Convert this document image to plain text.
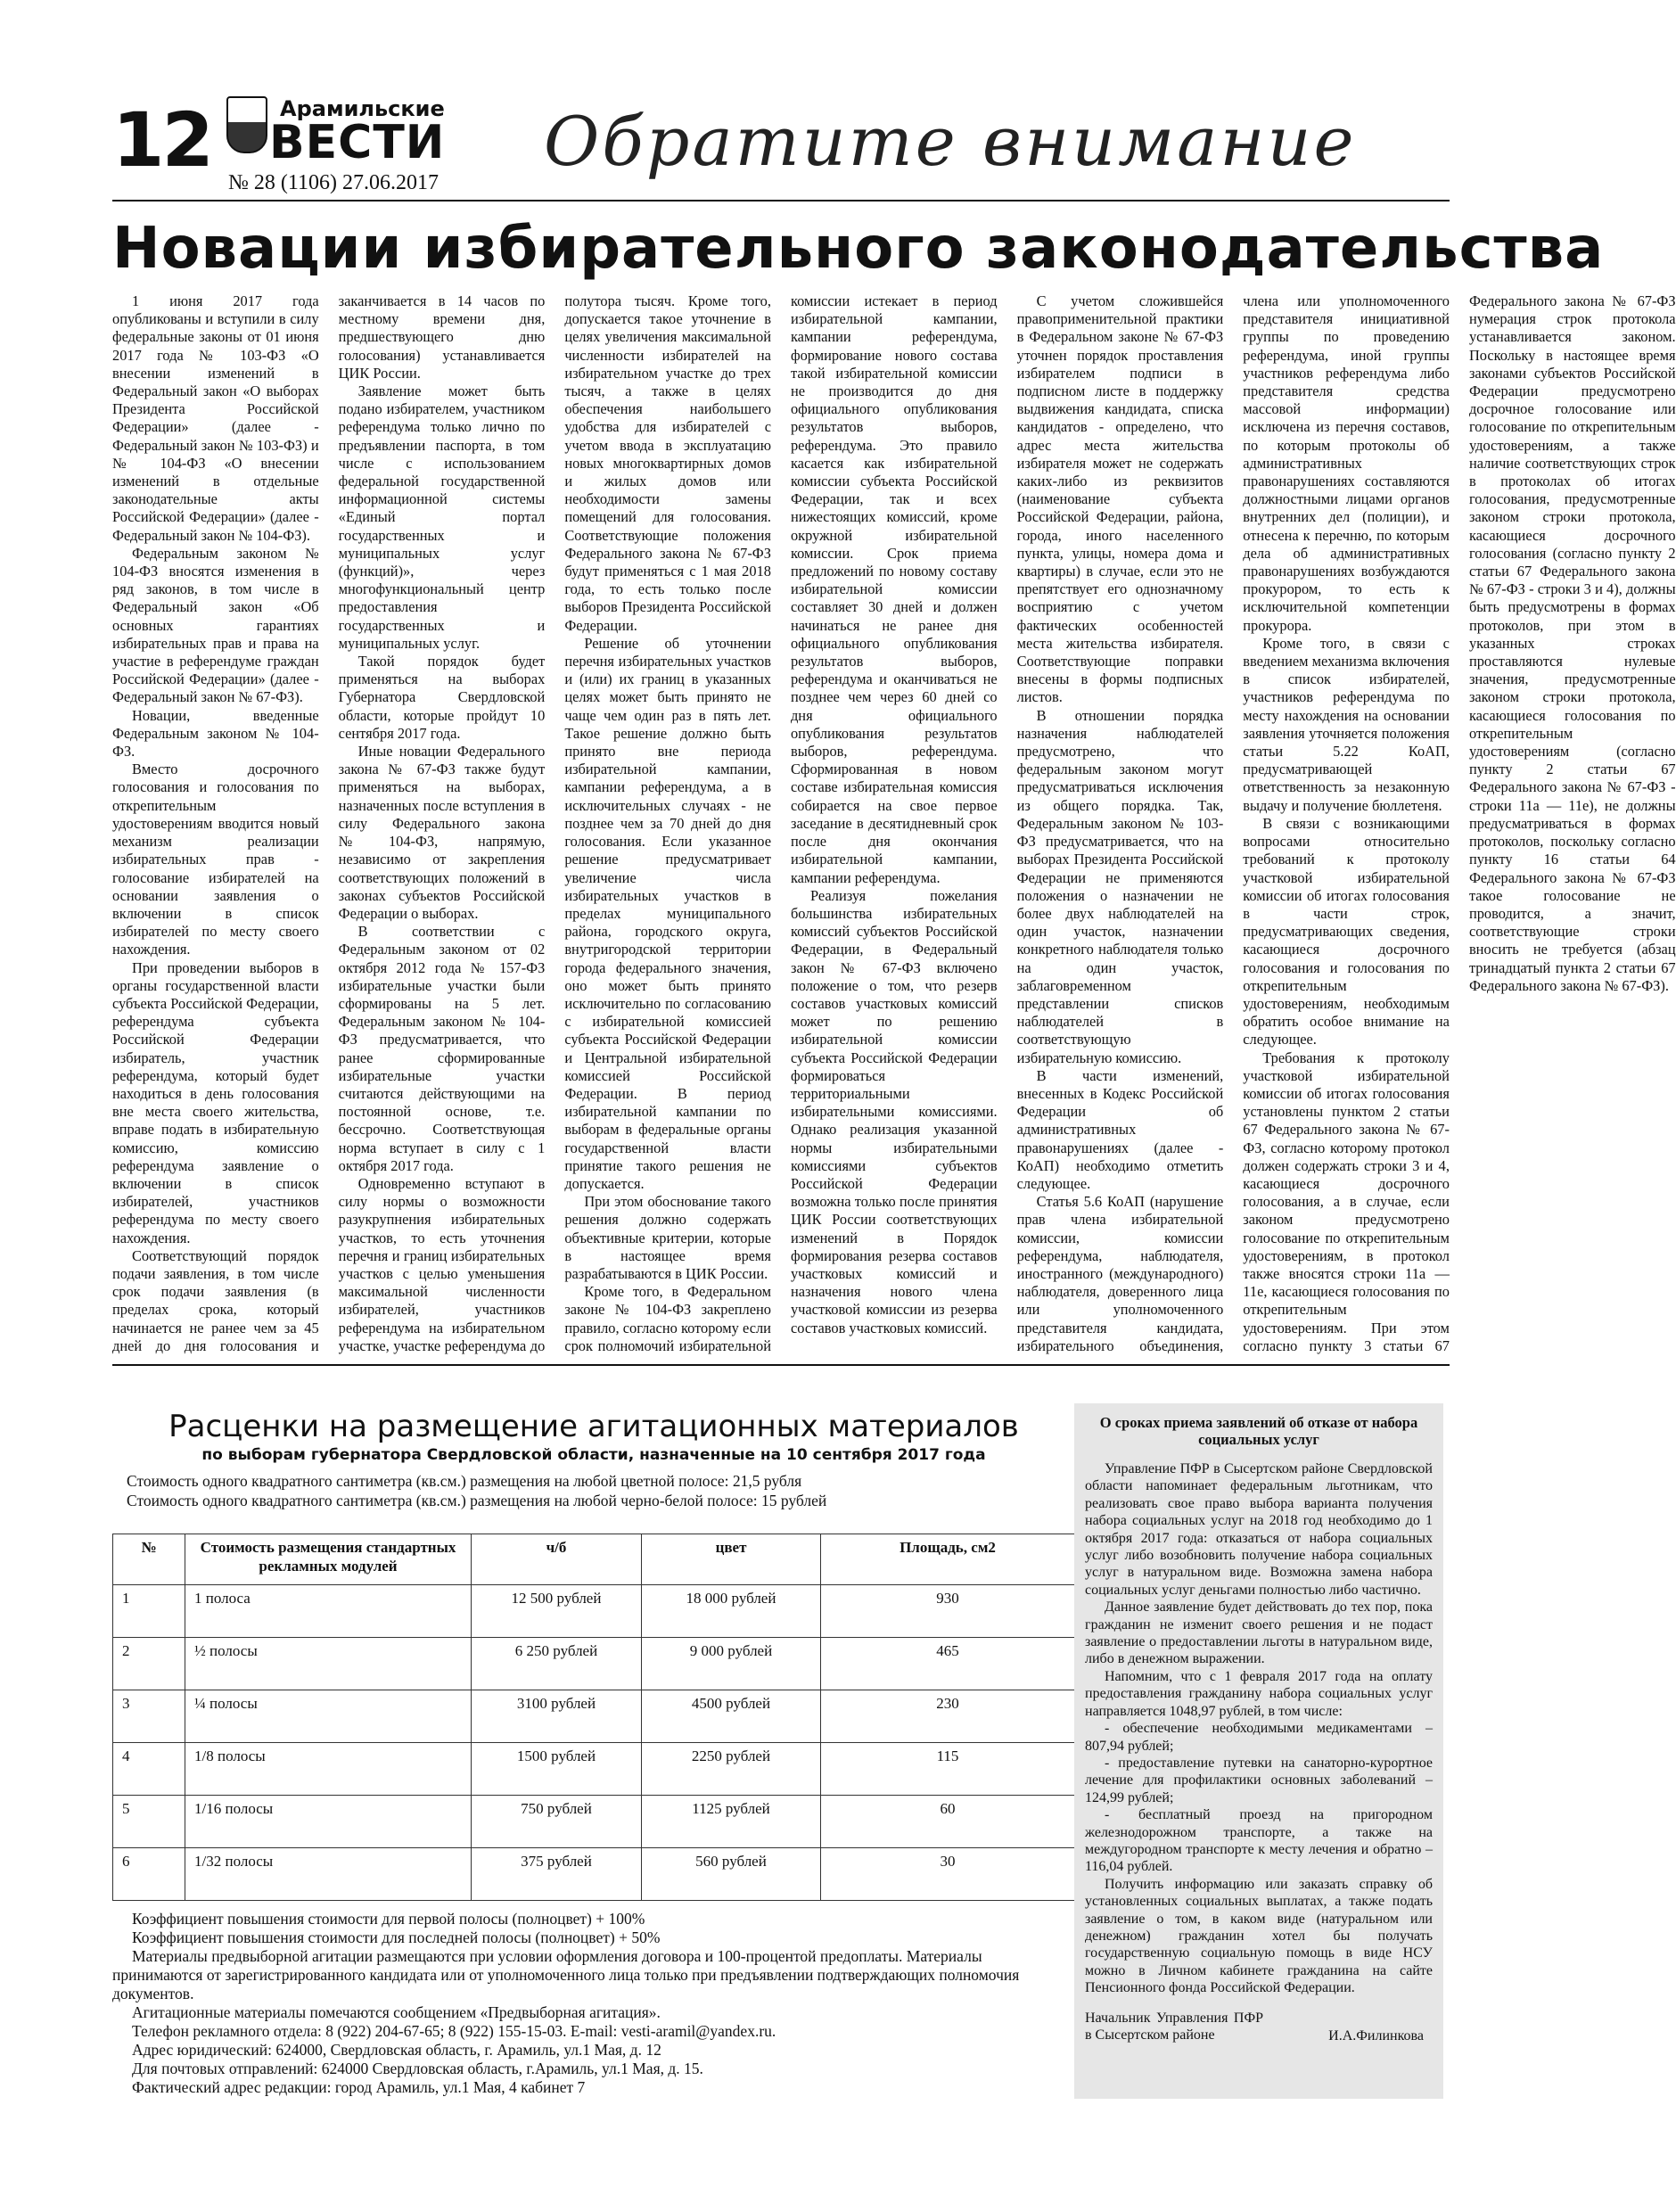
12	Арамильские
ВЕСТИ
№ 28 (1106) 27.06.2017
Обратите внимание
Новации избирательного законодательства

1 июня 2017 года опубликованы и вступили в силу федеральные законы от 01 июня 2017 года № 103-ФЗ «О внесении изменений в Федеральный закон «О выборах Президента Российской Федерации» (далее - Федеральный закон № 103-ФЗ) и № 104-ФЗ «О внесении изменений в отдельные законодательные акты Российской Федерации» (далее - Федеральный закон № 104-ФЗ).

Федеральным законом № 104-ФЗ вносятся изменения в ряд законов, в том числе в Федеральный закон «Об основных гарантиях избирательных прав и права на участие в референдуме граждан Российской Федерации» (далее - Федеральный закон № 67-ФЗ).

Новации, введенные Федеральным законом № 104-ФЗ.

Вместо досрочного голосования и голосования по открепительным удостоверениям вводится новый механизм реализации избирательных прав - голосование избирателей на основании заявления о включении в список избирателей по месту своего нахождения.

При проведении выборов в органы государственной власти субъекта Российской Федерации, референдума субъекта Российской Федерации избиратель, участник референдума, который будет находиться в день голосования вне места своего жительства, вправе подать в избирательную комиссию, комиссию референдума заявление о включении в список избирателей, участников референдума по месту своего нахождения.

Соответствующий порядок подачи заявления, в том числе срок подачи заявления (в пределах срока, который начинается не ранее чем за 45 дней до дня голосования и заканчивается в 14 часов по местному времени дня, предшествующего дню голосования) устанавливается ЦИК России.

Заявление может быть подано избирателем, участником референдума только лично по предъявлении паспорта, в том числе с использованием федеральной государственной информационной системы «Единый портал государственных и муниципальных услуг (функций)», через многофункциональный центр предоставления государственных и муниципальных услуг.

Такой порядок будет применяться на выборах Губернатора Свердловской области, которые пройдут 10 сентября 2017 года.

Иные новации Федерального закона № 67-ФЗ также будут применяться на выборах, назначенных после вступления в силу Федерального закона №104-ФЗ, напрямую, независимо от закрепления соответствующих положений в законах субъектов Российской Федерации о выборах.

В соответствии с Федеральным законом от 02 октября 2012 года № 157-ФЗ избирательные участки были сформированы на 5 лет. Федеральным законом № 104-ФЗ предусматривается, что ранее сформированные избирательные участки считаются действующими на постоянной основе, т.е. бессрочно. Соответствующая норма вступает в силу с 1 октября 2017 года.

Одновременно вступают в силу нормы о возможности разукрупнения избирательных участков, то есть уточнения перечня и границ избирательных участков с целью уменьшения максимальной численности избирателей, участников референдума на избирательном участке, участке референдума до полутора тысяч. Кроме того, допускается такое уточнение в целях увеличения максимальной численности избирателей на избирательном участке до трех тысяч, а также в целях обеспечения наибольшего удобства для избирателей с учетом ввода в эксплуатацию новых многоквартирных домов и жилых домов или необходимости замены помещений для голосования. Соответствующие положения Федерального закона № 67-ФЗ будут применяться с 1 мая 2018 года, то есть только после выборов Президента Российской Федерации.

Решение об уточнении перечня избирательных участков и (или) их границ в указанных целях может быть принято не чаще чем один раз в пять лет. Такое решение должно быть принято вне периода избирательной кампании, кампании референдума, а в исключительных случаях - не позднее чем за 70 дней до дня голосования. Если указанное решение предусматривает увеличение числа избирательных участков в пределах муниципального района, городского округа, внутригородской территории города федерального значения, оно может быть принято исключительно по согласованию с избирательной комиссией субъекта Российской Федерации и Центральной избирательной комиссией Российской Федерации. В период избирательной кампании по выборам в федеральные органы государственной власти принятие такого решения не допускается.

При этом обоснование такого решения должно содержать объективные критерии, которые в настоящее время разрабатываются в ЦИК России.

Кроме того, в Федеральном законе № 104-ФЗ закреплено правило, согласно которому если срок полномочий избирательной комиссии истекает в период избирательной кампании, кампании референдума, формирование нового состава такой избирательной комиссии не производится до дня официального опубликования результатов выборов, референдума. Это правило касается как избирательной комиссии субъекта Российской Федерации, так и всех нижестоящих комиссий, кроме окружной избирательной комиссии. Срок приема предложений по новому составу избирательной комиссии составляет 30 дней и должен начинаться не ранее дня официального опубликования результатов выборов, референдума и оканчиваться не позднее чем через 60 дней со дня официального опубликования результатов выборов, референдума. Сформированная в новом составе избирательная комиссия собирается на свое первое заседание в десятидневный срок после дня окончания избирательной кампании, кампании референдума.

Реализуя пожелания большинства избирательных комиссий субъектов Российской Федерации, в Федеральный закон № 67-ФЗ включено положение о том, что резерв составов участковых комиссий может по решению избирательной комиссии субъекта Российской Федерации формироваться территориальными избирательными комиссиями. Однако реализация указанной нормы избирательными комиссиями субъектов Российской Федерации возможна только после принятия ЦИК России соответствующих изменений в Порядок формирования резерва составов участковых комиссий и назначения нового члена участковой комиссии из резерва составов участковых комиссий.

С учетом сложившейся правоприменительной практики в Федеральном законе № 67-ФЗ уточнен порядок проставления избирателем подписи в подписном листе в поддержку выдвижения кандидата, списка кандидатов - определено, что адрес места жительства избирателя может не содержать каких-либо из реквизитов (наименование субъекта Российской Федерации, района, города, иного населенного пункта, улицы, номера дома и квартиры) в случае, если это не препятствует его однозначному восприятию с учетом фактических особенностей места жительства избирателя. Соответствующие поправки внесены в формы подписных листов.

В отношении порядка назначения наблюдателей предусмотрено, что федеральным законом могут предусматриваться исключения из общего порядка. Так, Федеральным законом № 103-ФЗ предусматривается, что на выборах Президента Российской Федерации не применяются положения о назначении не более двух наблюдателей на один участок, назначении конкретного наблюдателя только на один участок, заблаговременном представлении списков наблюдателей в соответствующую избирательную комиссию.

В части изменений, внесенных в Кодекс Российской Федерации об административных правонарушениях (далее - КоАП) необходимо отметить следующее.

Статья 5.6 КоАП (нарушение прав члена избирательной комиссии, комиссии референдума, наблюдателя, иностранного (международного) наблюдателя, доверенного лица или уполномоченного представителя кандидата, избирательного объединения, члена или уполномоченного представителя инициативной группы по проведению референдума, иной группы участников референдума либо представителя средства массовой информации) исключена из перечня составов, по которым протоколы об административных правонарушениях составляются должностными лицами органов внутренних дел (полиции), и отнесена к перечню, по которым дела об административных правонарушениях возбуждаются прокурором, то есть к исключительной компетенции прокурора.

Кроме того, в связи с введением механизма включения в список избирателей, участников референдума по месту нахождения на основании заявления уточняется положения статьи 5.22 КоАП, предусматривающей ответственность за незаконную выдачу и получение бюллетеня.

В связи с возникающими вопросами относительно требований к протоколу участковой избирательной комиссии об итогах голосования в части строк, предусматривающих сведения, касающиеся досрочного голосования и голосования по открепительным удостоверениям, необходимым обратить особое внимание на следующее.

Требования к протоколу участковой избирательной комиссии об итогах голосования установлены пунктом 2 статьи 67 Федерального закона № 67-ФЗ, согласно которому протокол должен содержать строки 3 и 4, касающиеся досрочного голосования, а в случае, если законом предусмотрено голосование по открепительным удостоверениям, в протокол также вносятся строки 11а — 11е, касающиеся голосования по открепительным удостоверениям. При этом согласно пункту 3 статьи 67 Федерального закона № 67-ФЗ нумерация строк протокола устанавливается законом. Поскольку в настоящее время законами субъектов Российской Федерации предусмотрено досрочное голосование или голосование по открепительным удостоверениям, а также наличие соответствующих строк в протоколах об итогах голосования, предусмотренные законом строки протокола, касающиеся досрочного голосования (согласно пункту 2 статьи 67 Федерального закона № 67-ФЗ - строки 3 и 4), должны быть предусмотрены в формах протоколов, при этом в указанных строках проставляются нулевые значения, предусмотренные законом строки протокола, касающиеся голосования по открепительным удостоверениям (согласно пункту 2 статьи 67 Федерального закона № 67-ФЗ - строки 11а — 11е), не должны предусматриваться в формах протоколов, поскольку согласно пункту 16 статьи 64 Федерального закона № 67-ФЗ такое голосование не проводится, а значит, соответствующие строки вносить не требуется (абзац тринадцатый пункта 2 статьи 67 Федерального закона № 67-ФЗ).

Расценки на размещение агитационных материалов
по выборам губернатора Свердловской области, назначенные на 10 сентября 2017 года
Стоимость одного квадратного сантиметра (кв.см.) размещения на любой цветной полосе: 21,5 рубля
Стоимость одного квадратного сантиметра (кв.см.) размещения на любой черно-белой полосе: 15 рублей
№	Стоимость размещения стандартных рекламных модулей	ч/б	цвет	Площадь, см2
1	1 полоса	12 500 рублей	18 000 рублей	930
2	½ полосы	6 250 рублей	9 000 рублей	465
3	¼ полосы	3100 рублей	4500 рублей	230
4	1/8 полосы	1500 рублей	2250 рублей	115
5	1/16 полосы	750 рублей	1125 рублей	60
6	1/32 полосы	375 рублей	560 рублей	30

Коэффициент повышения стоимости для первой полосы (полноцвет) + 100%

Коэффициент повышения стоимости для последней полосы (полноцвет) + 50%

Материалы предвыборной агитации размещаются при условии оформления договора и 100-процентой предоплаты. Материалы принимаются от зарегистрированного кандидата или от уполномоченного лица только при предъявлении подтверждающих полномочия документов.

Агитационные материалы помечаются сообщением «Предвыборная агитация».

Телефон рекламного отдела: 8 (922) 204-67-65; 8 (922) 155-15-03. E-mail: vesti-aramil@yandex.ru.

Адрес юридический: 624000, Свердловская область, г. Арамиль, ул.1 Мая, д. 12

Для почтовых отправлений: 624000 Свердловская область, г.Арамиль, ул.1 Мая, д. 15.

Фактический адрес редакции: город Арамиль, ул.1 Мая, 4 кабинет 7

О сроках приема заявлений об отказе от набора социальных услуг

Управление ПФР в Сысертском районе Свердловской области напоминает федеральным льготникам, что реализовать свое право выбора варианта получения набора социальных услуг на 2018 год необходимо до 1 октября 2017 года: отказаться от набора социальных услуг либо возобновить получение набора социальных услуг в натуральном виде. Возможна замена набора социальных услуг деньгами полностью либо частично.

Данное заявление будет действовать до тех пор, пока гражданин не изменит своего решения и не подаст заявление о предоставлении льготы в натуральном виде, либо в денежном выражении.

Напомним, что с 1 февраля 2017 года на оплату предоставления гражданину набора социальных услуг направляется 1048,97 рублей, в том числе:

- обеспечение необходимыми медикаментами – 807,94 рублей;

- предоставление путевки на санаторно-курортное лечение для профилактики основных заболеваний – 124,99 рублей;

- бесплатный проезд на пригородном железнодорожном транспорте, а также на междугородном транспорте к месту лечения и обратно – 116,04 рублей.

Получить информацию или заказать справку об установленных социальных выплатах, а также подать заявление о том, в каком виде (натуральном или денежном) гражданин хотел бы получать государственную социальную помощь в виде НСУ можно в Личном кабинете гражданина на сайте Пенсионного фонда Российской Федерации.

Начальник Управления ПФР в Сысертском районе	И.А.Филинкова
